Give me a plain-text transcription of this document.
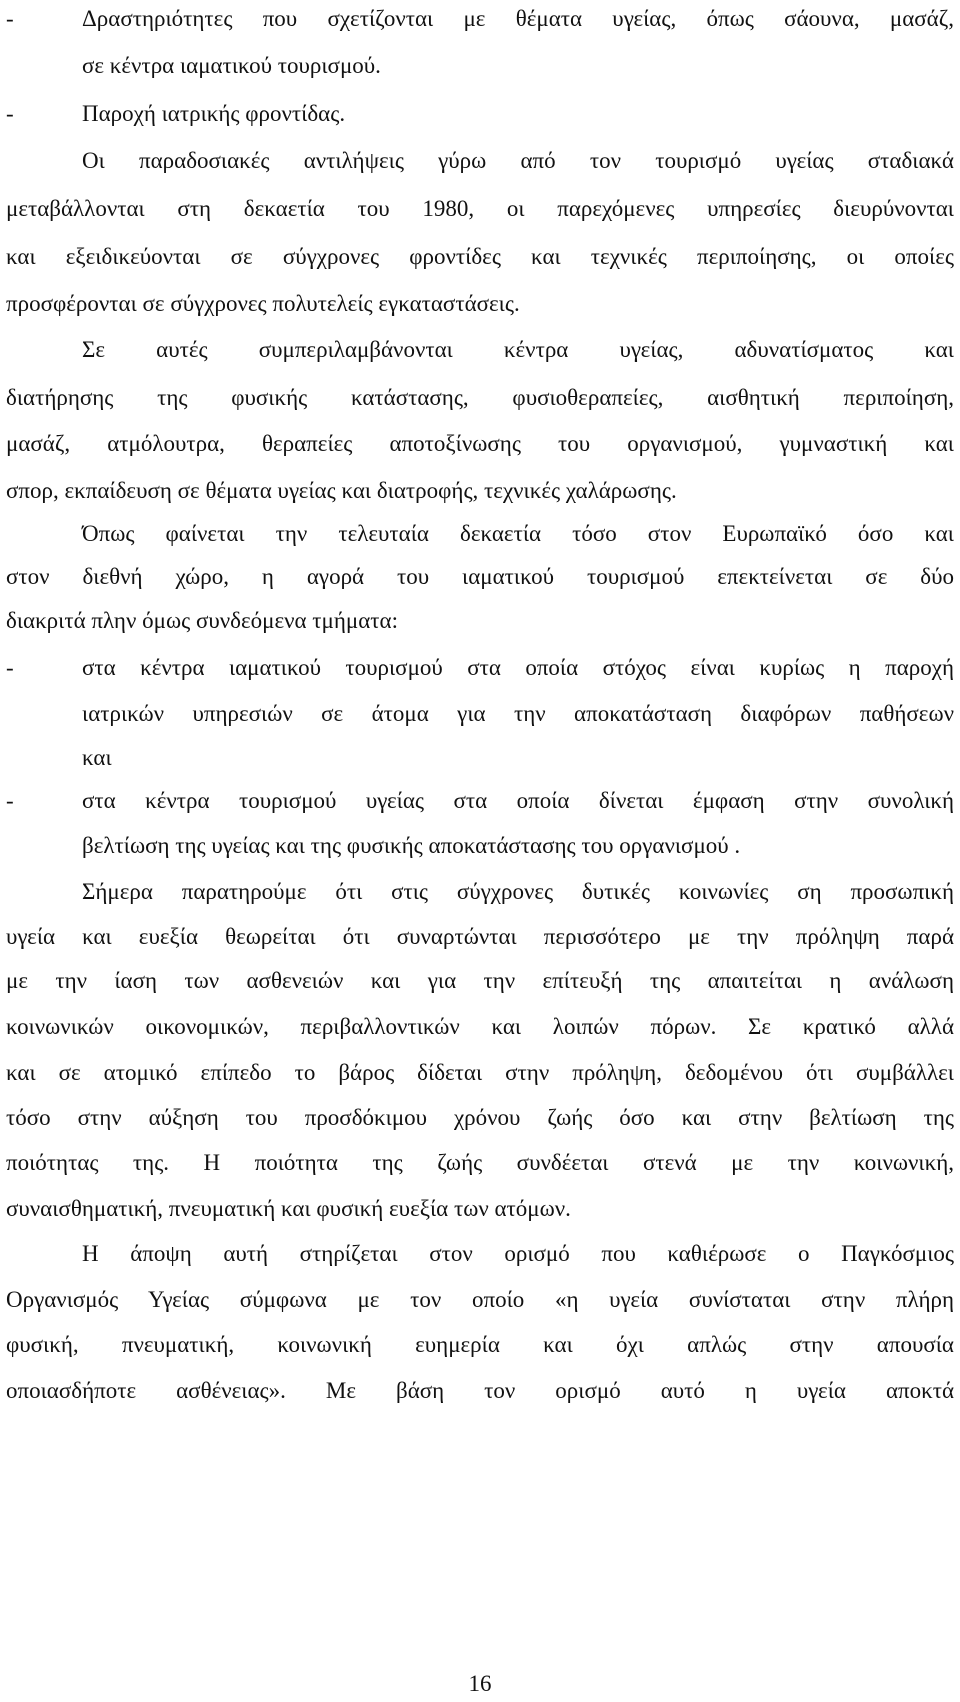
-
-
-
-
Δραστηριότητες που σχετίζονται με θέματα υγείας, όπως σάουνα, μασάζ,
σε κέντρα ιαματικού τουρισμού.
Παροχή ιατρικής φροντίδας.
Οι παραδοσιακές αντιλήψεις γύρω από τον τουρισμό υγείας σταδιακά
μεταβάλλονται στη δεκαετία του 1980, οι παρεχόμενες υπηρεσίες διευρύνονται
και εξειδικεύονται σε σύγχρονες φροντίδες και τεχνικές περιποίησης, οι οποίες
προσφέρονται σε σύγχρονες πολυτελείς εγκαταστάσεις.
Σε αυτές συμπεριλαμβάνονται κέντρα υγείας, αδυνατίσματος και
διατήρησης της φυσικής κατάστασης, φυσιοθεραπείες, αισθητική περιποίηση,
μασάζ, ατμόλουτρα, θεραπείες αποτοξίνωσης του οργανισμού, γυμναστική και
σπορ, εκπαίδευση σε θέματα υγείας και διατροφής, τεχνικές χαλάρωσης.
Όπως φαίνεται την τελευταία δεκαετία τόσο στον Ευρωπαϊκό όσο και
στον διεθνή χώρο, η αγορά του ιαματικού τουρισμού επεκτείνεται σε δύο
διακριτά πλην όμως συνδεόμενα τμήματα:
στα κέντρα ιαματικού τουρισμού στα οποία στόχος είναι κυρίως η παροχή
ιατρικών υπηρεσιών σε άτομα για την αποκατάσταση διαφόρων παθήσεων
και
στα κέντρα τουρισμού υγείας στα οποία δίνεται έμφαση στην συνολική
βελτίωση της υγείας και της φυσικής αποκατάστασης του οργανισμού .
Σήμερα παρατηρούμε ότι στις σύγχρονες δυτικές κοινωνίες ση προσωπική
υγεία και ευεξία θεωρείται ότι συναρτώνται περισσότερο με την πρόληψη παρά
με την ίαση των ασθενειών και για την επίτευξή της απαιτείται η ανάλωση
κοινωνικών οικονομικών, περιβαλλοντικών και λοιπών πόρων. Σε κρατικό αλλά
και σε ατομικό επίπεδο το βάρος δίδεται στην πρόληψη, δεδομένου ότι συμβάλλει
τόσο στην αύξηση του προσδόκιμου χρόνου ζωής όσο και στην βελτίωση της
ποιότητας της. Η ποιότητα της ζωής συνδέεται στενά με την κοινωνική,
συναισθηματική, πνευματική και φυσική ευεξία των ατόμων.
Η άποψη αυτή στηρίζεται στον ορισμό που καθιέρωσε ο Παγκόσμιος
Οργανισμός Υγείας σύμφωνα με τον οποίο «η υγεία συνίσταται στην πλήρη
φυσική, πνευματική, κοινωνική ευημερία και όχι απλώς στην απουσία
οποιασδήποτε ασθένειας». Με βάση τον ορισμό αυτό η υγεία αποκτά
16
